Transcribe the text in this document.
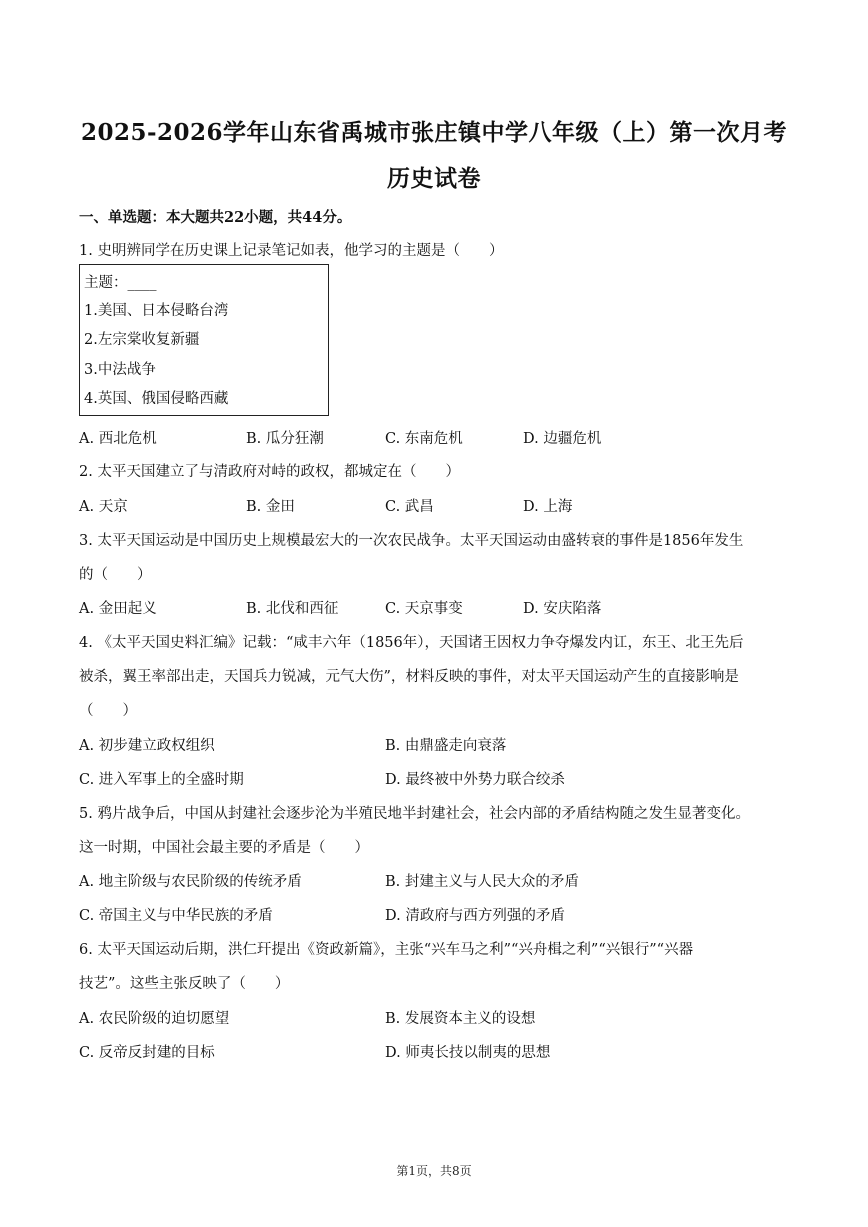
2025-2026学年山东省禹城市张庄镇中学八年级（上）第一次月考
历史试卷
一、单选题：本大题共22小题，共44分。
1. 史明辨同学在历史课上记录笔记如表，他学习的主题是（　　）
主题：____
1.美国、日本侵略台湾
2.左宗棠收复新疆
3.中法战争
4.英国、俄国侵略西藏
A. 西北危机	B. 瓜分狂潮	C. 东南危机	D. 边疆危机
2. 太平天国建立了与清政府对峙的政权，都城定在（　　）
A. 天京	B. 金田	C. 武昌	D. 上海
3. 太平天国运动是中国历史上规模最宏大的一次农民战争。太平天国运动由盛转衰的事件是1856年发生
的（　　）
A. 金田起义	B. 北伐和西征	C. 天京事变	D. 安庆陷落
4. 《太平天国史料汇编》记载：“咸丰六年（1856年），天国诸王因权力争夺爆发内讧，东王、北王先后
被杀，翼王率部出走，天国兵力锐减，元气大伤”，材料反映的事件，对太平天国运动产生的直接影响是
（　　）
A. 初步建立政权组织	B. 由鼎盛走向衰落
C. 进入军事上的全盛时期	D. 最终被中外势力联合绞杀
5. 鸦片战争后，中国从封建社会逐步沦为半殖民地半封建社会，社会内部的矛盾结构随之发生显著变化。
这一时期，中国社会最主要的矛盾是（　　）
A. 地主阶级与农民阶级的传统矛盾	B. 封建主义与人民大众的矛盾
C. 帝国主义与中华民族的矛盾	D. 清政府与西方列强的矛盾
6. 太平天国运动后期，洪仁玕提出《资政新篇》，主张“兴车马之利”“兴舟楫之利”“兴银行”“兴器
技艺”。这些主张反映了（　　）
A. 农民阶级的迫切愿望	B. 发展资本主义的设想
C. 反帝反封建的目标	D. 师夷长技以制夷的思想
第1页，共8页
